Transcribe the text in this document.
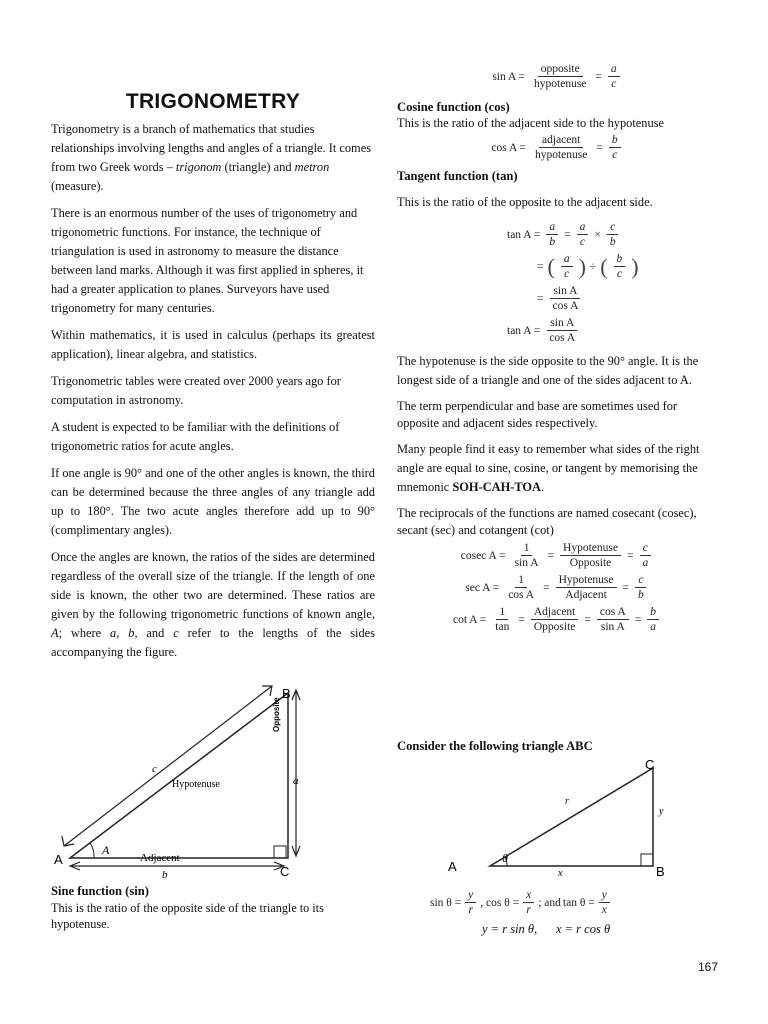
TRIGONOMETRY

Trigonometry is a branch of mathematics that studies relationships involving lengths and angles of a triangle. It comes from two Greek words – trigonom (triangle) and metron (measure).

There is an enormous number of the uses of trigonometry and trigonometric functions. For instance, the technique of triangulation is used in astronomy to measure the distance between land marks. Although it was first applied in spheres, it had a greater application to planes. Surveyors have used trigonometry for many centuries.

Within mathematics, it is used in calculus (perhaps its greatest application), linear algebra, and statistics.

Trigonometric tables were created over 2000 years ago for computation in astronomy.

A student is expected to be familiar with the definitions of trigonometric ratios for acute angles.

If one angle is 90° and one of the other angles is known, the third can be determined because the three angles of any triangle add up to 180°. The two acute angles therefore add up to 90° (complimentary angles).

Once the angles are known, the ratios of the sides are determined regardless of the overall size of the triangle. If the length of one side is known, the other two are determined. These ratios are given by the following trigonometric functions of known angle, A; where a, b, and c refer to the lengths of the sides accompanying the figure.

A
B
C
A
c
a
b
Hypotenuse
Adjacent
Opposite
Sine function (sin)

This is the ratio of the opposite side of the triangle to its hypotenuse.

$\sin A = \frac{\text{opposite}}{\text{hypotenuse}} = \frac{a}{c}$
Cosine function (cos)

This is the ratio of the adjacent side to the hypotenuse

$\cos A = \frac{\text{adjacent}}{\text{hypotenuse}} = \frac{b}{c}$
Tangent function (tan)

This is the ratio of the opposite to the adjacent side.

$\tan A = \frac{a}{b} = \frac{a}{c} \times \frac{c}{b}$
= ( $\frac{a}{c}$ ) ÷ ( $\frac{b}{c}$ )
= $\frac{\text{sin A}}{\text{cos A}}$
$\tan A = \frac{\text{sin A}}{\text{cos A}}$

The hypotenuse is the side opposite to the 90° angle. It is the longest side of a triangle and one of the sides adjacent to A.

The term perpendicular and base are sometimes used for opposite and adjacent sides respectively.

Many people find it easy to remember what sides of the right angle are equal to sine, cosine, or tangent by memorising the mnemonic SOH-CAH-TOA.

The reciprocals of the functions are named cosecant (cosec), secant (sec) and cotangent (cot)

cosec $A = \frac{1}{\text{sin A}} = \frac{\text{Hypotenuse}}{\text{Opposite}} = \frac{c}{a}$
$\sec A = \frac{1}{\text{cos A}} = \frac{\text{Hypotenuse}}{\text{Adjacent}} = \frac{c}{b}$
$\cot A = \frac{1}{\tan} = \frac{\text{Adjacent}}{\text{Opposite}} = \frac{\text{cos A}}{\text{sin A}} = \frac{b}{a}$
Consider the following triangle ABC
A	B
C
r
y
x
θ
$\sin \theta = \frac{y}{r}$ , $\cos \theta = \frac{x}{r}$ ; and $\tan \theta = \frac{y}{x}$
y = r sin θ,      x = r cos θ
167
